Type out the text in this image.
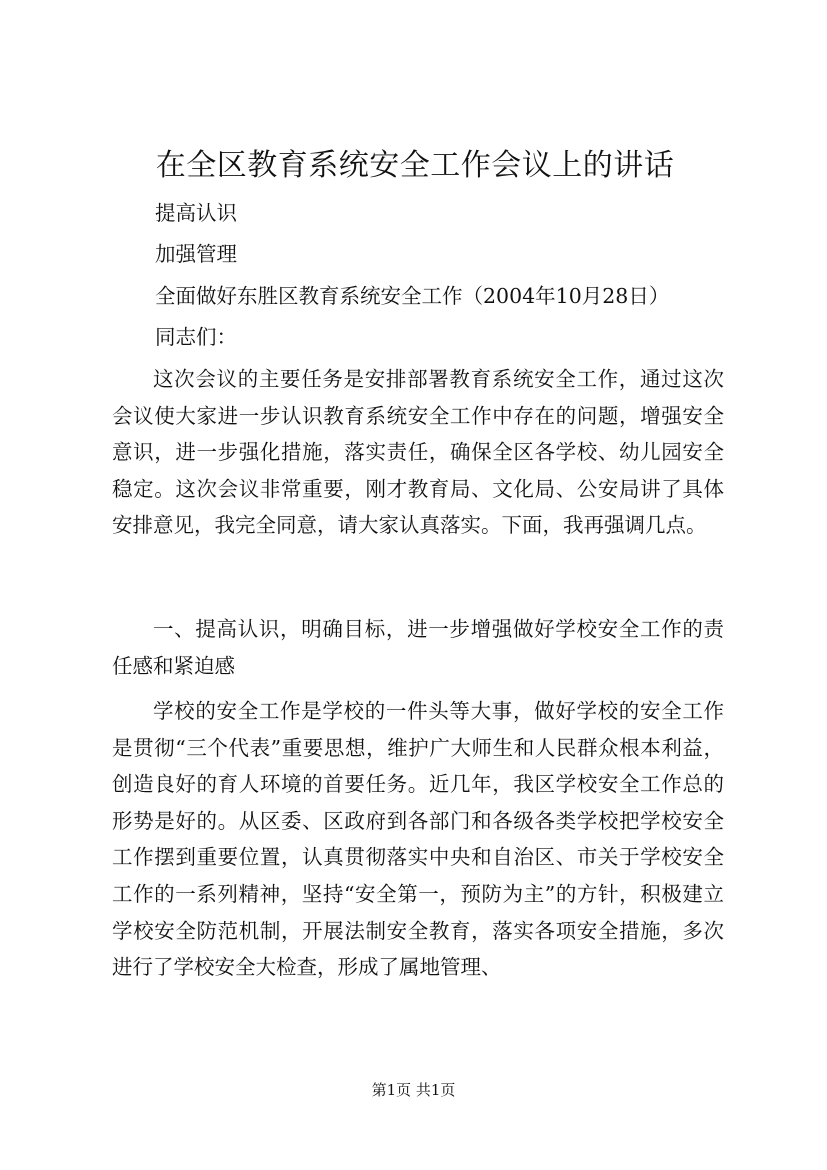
在全区教育系统安全工作会议上的讲话
提高认识
加强管理
全面做好东胜区教育系统安全工作（2004年10月28日）
同志们：

这次会议的主要任务是安排部署教育系统安全工作，通过这次会议使大家进一步认识教育系统安全工作中存在的问题，增强安全意识，进一步强化措施，落实责任，确保全区各学校、幼儿园安全稳定。这次会议非常重要，刚才教育局、文化局、公安局讲了具体安排意见，我完全同意，请大家认真落实。下面，我再强调几点。

一、提高认识，明确目标，进一步增强做好学校安全工作的责任感和紧迫感

学校的安全工作是学校的一件头等大事，做好学校的安全工作是贯彻“三个代表”重要思想，维护广大师生和人民群众根本利益，创造良好的育人环境的首要任务。近几年，我区学校安全工作总的形势是好的。从区委、区政府到各部门和各级各类学校把学校安全工作摆到重要位置，认真贯彻落实中央和自治区、市关于学校安全工作的一系列精神，坚持“安全第一，预防为主”的方针，积极建立学校安全防范机制，开展法制安全教育，落实各项安全措施，多次进行了学校安全大检查，形成了属地管理、

第1页 共1页
